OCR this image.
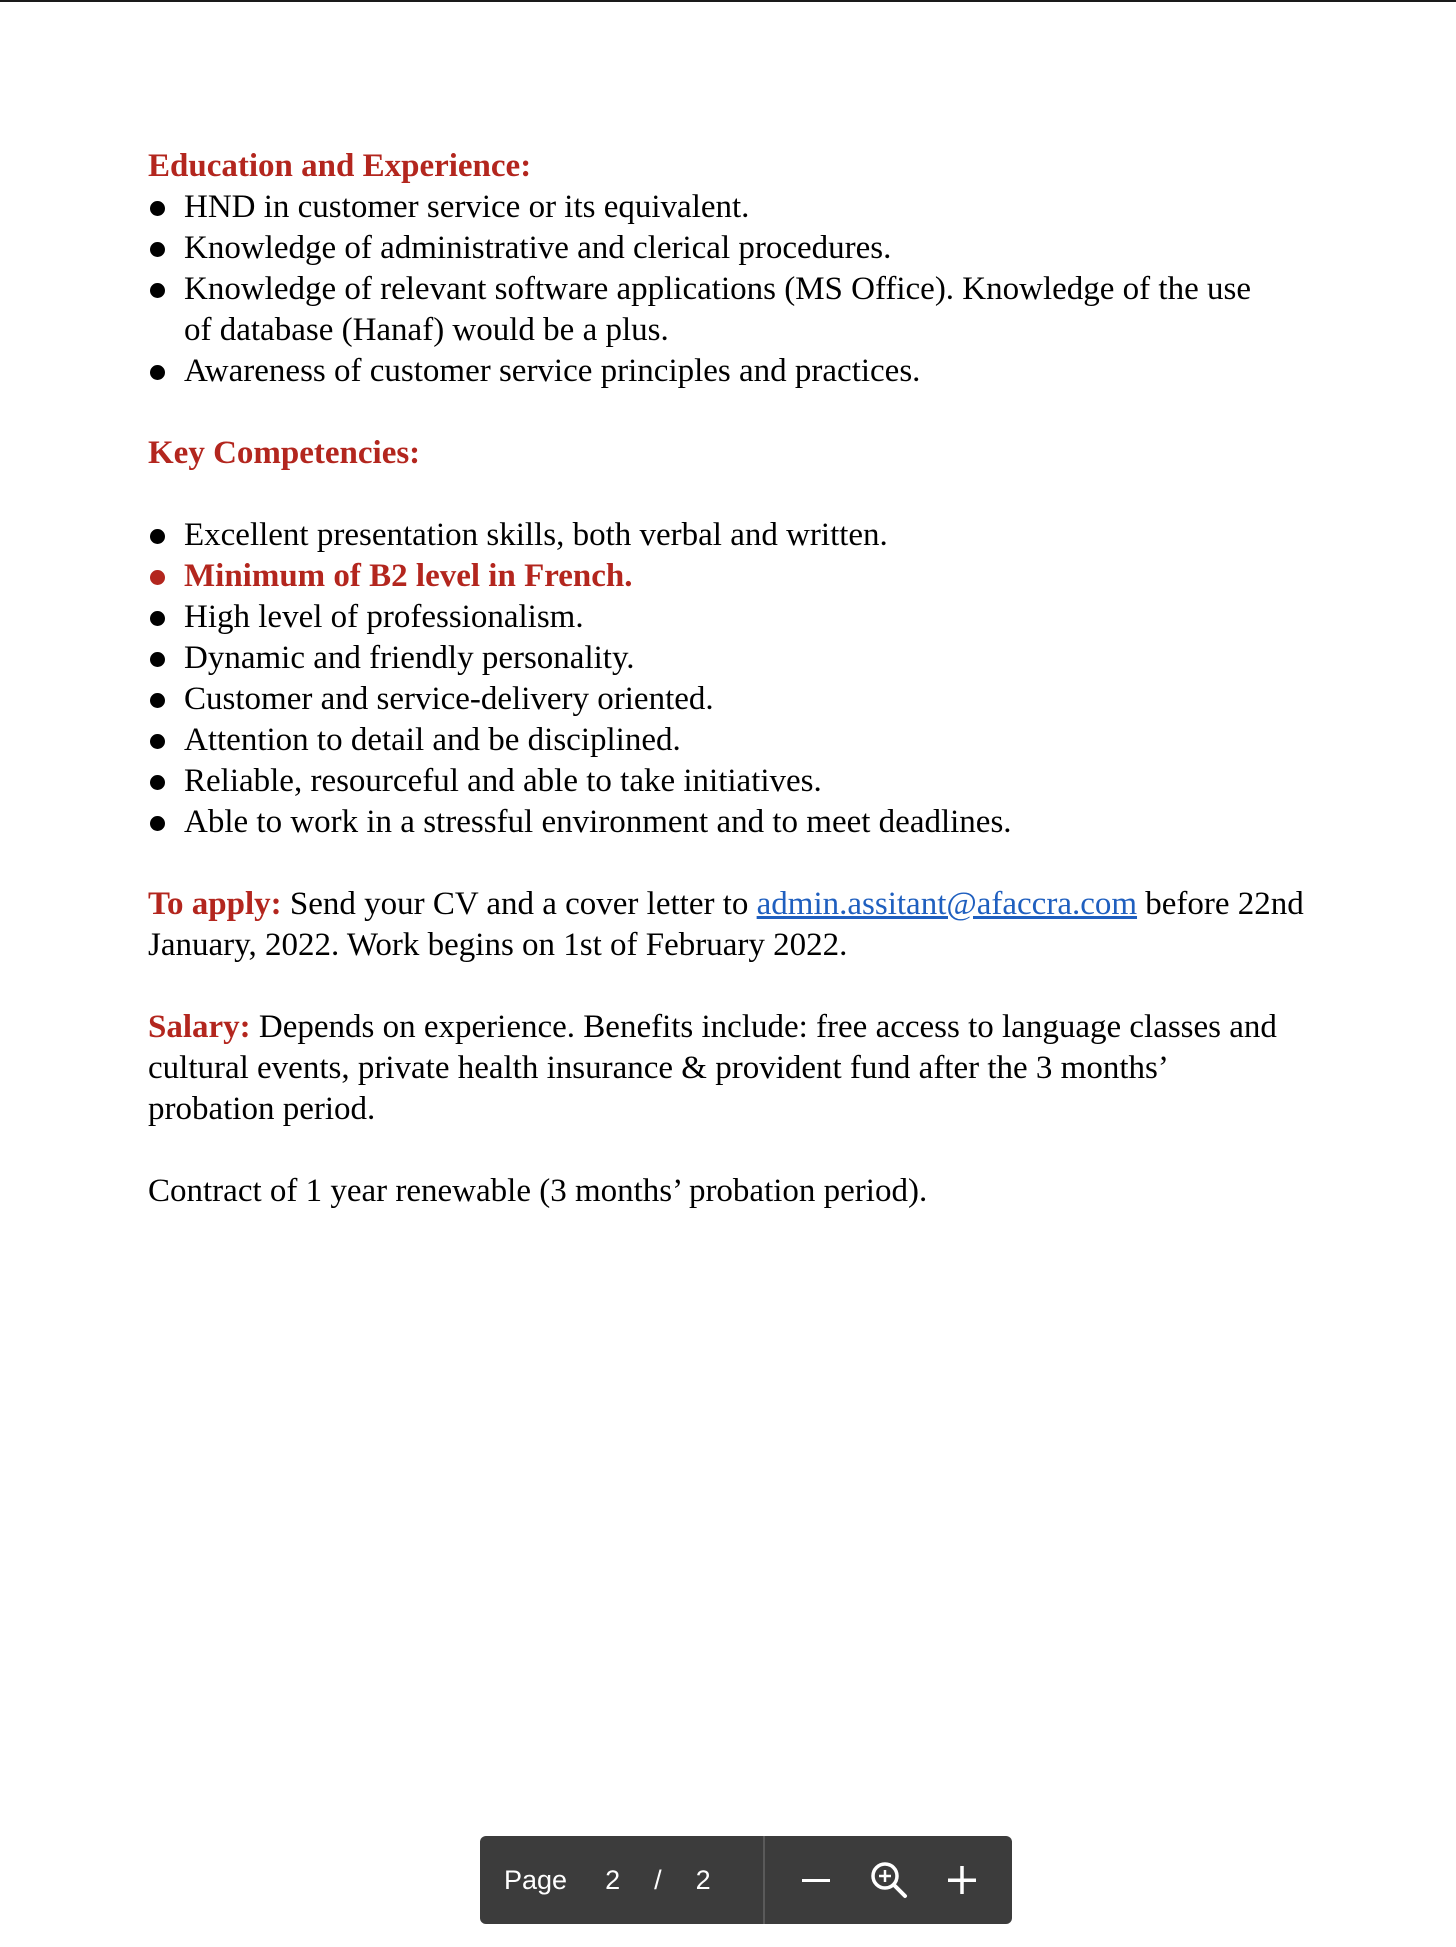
Education and Experience:

HND in customer service or its equivalent.
Knowledge of administrative and clerical procedures.
Knowledge of relevant software applications (MS Office). Knowledge of the use of database (Hanaf) would be a plus.
Awareness of customer service principles and practices.

Key Competencies:

Excellent presentation skills, both verbal and written.
Minimum of B2 level in French.
High level of professionalism.
Dynamic and friendly personality.
Customer and service-delivery oriented.
Attention to detail and be disciplined.
Reliable, resourceful and able to take initiatives.
Able to work in a stressful environment and to meet deadlines.

To apply: Send your CV and a cover letter to admin.assitant@afaccra.com before 22nd January, 2022. Work begins on 1st of February 2022.

Salary: Depends on experience. Benefits include: free access to language classes and cultural events, private health insurance & provident fund after the 3 months’ probation period.

Contract of 1 year renewable (3 months’ probation period).

Page 2 / 2
